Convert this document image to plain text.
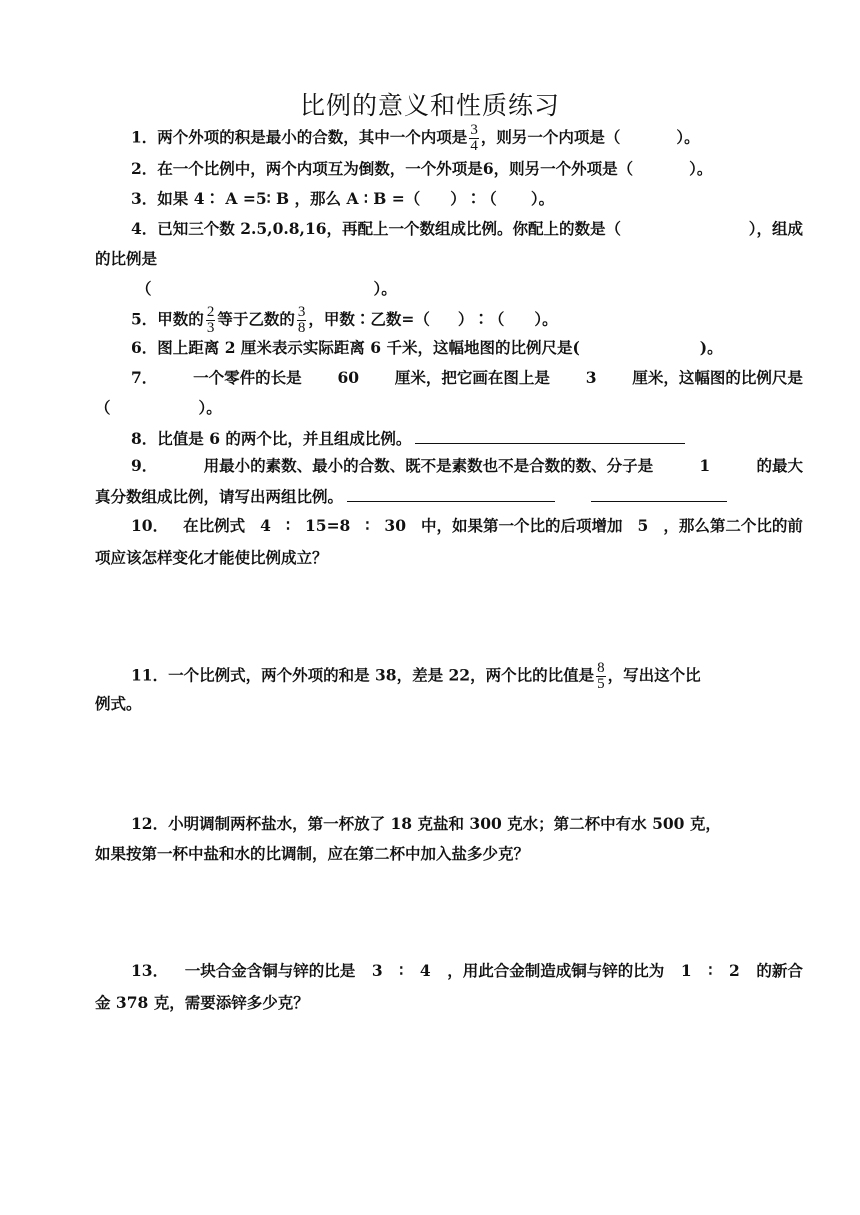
比例的意义和性质练习
1．两个外项的积是最小的合数，其中一个内项是 $\frac{3}{4}$ ，则另一个内项是（	）。
2．在一个比例中，两个内项互为倒数，一个外项是6，则另一个外项是（	）。
3．如果 4∶ A =5∶ B ，那么 A ∶ B =（ ）∶（ ）。
4．已知三个数 2.5,0.8,16，再配上一个数组成比例。你配上的数是（	），组成
的比例是
（	）。
5．甲数的 $\frac{2}{3}$ 等于乙数的 $\frac{3}{8}$ ，甲数∶乙数=（ ）∶（ ）。
6．图上距离 2 厘米表示实际距离 6 千米，这幅地图的比例尺是(	)。
7． 一个零件的长是 60 厘米，把它画在图上是 3 厘米，这幅图的比例尺是
（	）。
8．比值是 6 的两个比，并且组成比例。
9．	用最小的素数、最小的合数、既不是素数也不是合数的数、分子是	1	的最大
真分数组成比例，请写出两组比例。
10． 在比例式 4 ∶ 15=8 ∶ 30 中，如果第一个比的后项增加 5 ，那么第二个比的前
项应该怎样变化才能使比例成立？
11．一个比例式，两个外项的和是 38，差是 22，两个比的比值是 $\frac{8}{5}$ ，写出这个比
例式。
12．小明调制两杯盐水，第一杯放了 18 克盐和 300 克水；第二杯中有水 500 克，
如果按第一杯中盐和水的比调制，应在第二杯中加入盐多少克？
13． 一块合金含铜与锌的比是 3 ∶ 4 ，用此合金制造成铜与锌的比为 1 ∶ 2 的新合
金 378 克，需要添锌多少克？
